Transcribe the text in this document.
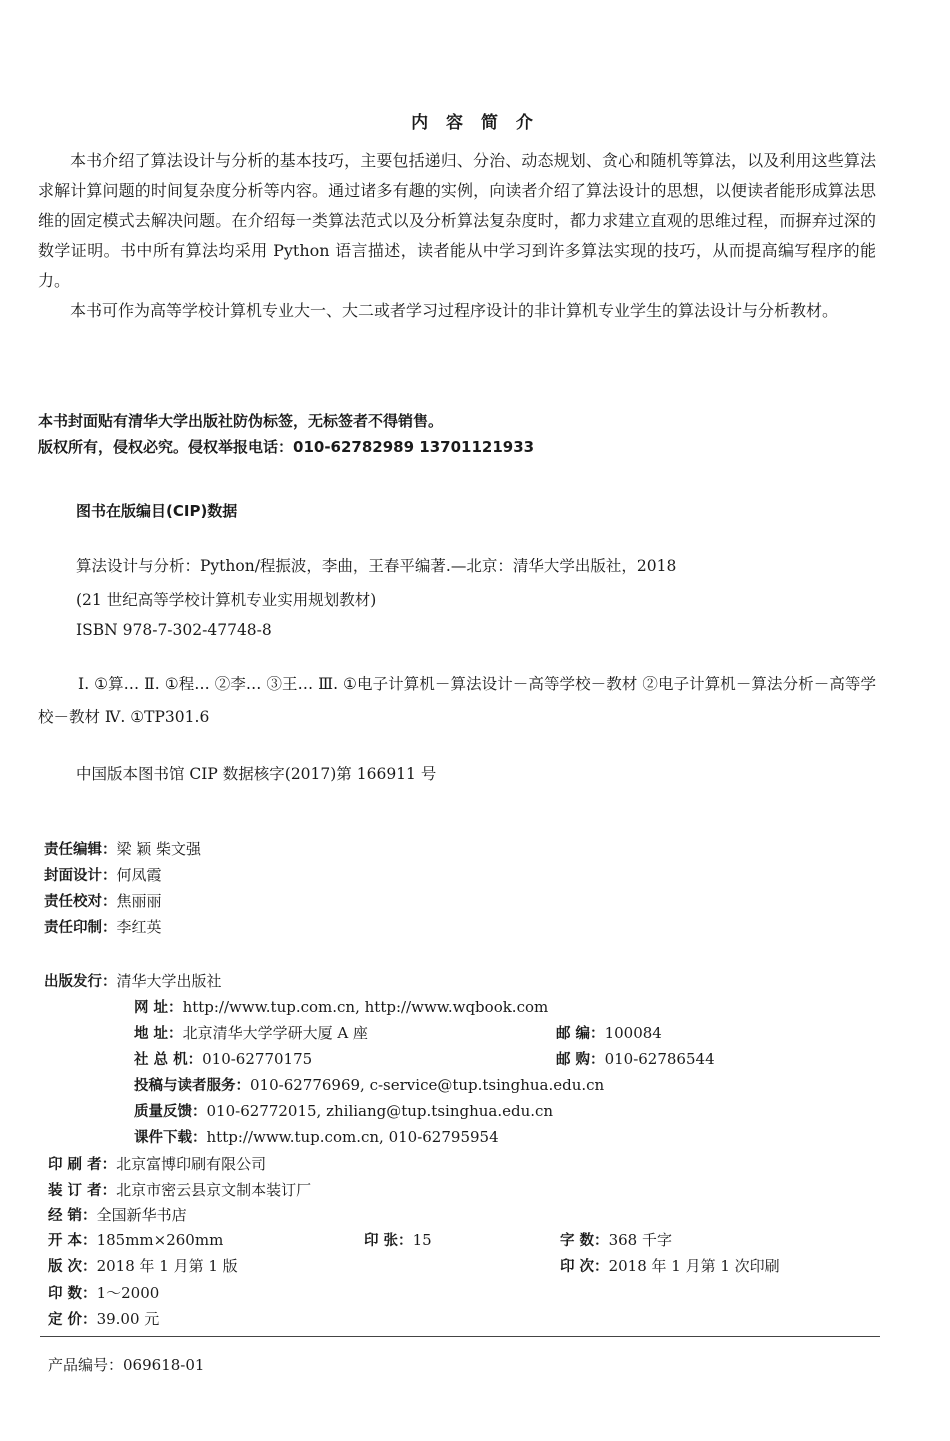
内 容 简 介

本书介绍了算法设计与分析的基本技巧，主要包括递归、分治、动态规划、贪心和随机等算法，以及利用这些算法求解计算问题的时间复杂度分析等内容。通过诸多有趣的实例，向读者介绍了算法设计的思想，以便读者能形成算法思维的固定模式去解决问题。在介绍每一类算法范式以及分析算法复杂度时，都力求建立直观的思维过程，而摒弃过深的数学证明。书中所有算法均采用 Python 语言描述，读者能从中学习到许多算法实现的技巧，从而提高编写程序的能力。

本书可作为高等学校计算机专业大一、大二或者学习过程序设计的非计算机专业学生的算法设计与分析教材。

本书封面贴有清华大学出版社防伪标签，无标签者不得销售。
版权所有，侵权必究。侵权举报电话：010-62782989 13701121933
图书在版编目(CIP)数据
算法设计与分析：Python/程振波，李曲，王春平编著.—北京：清华大学出版社，2018
(21 世纪高等学校计算机专业实用规划教材)
ISBN 978-7-302-47748-8
Ⅰ. ①算… Ⅱ. ①程… ②李… ③王… Ⅲ. ①电子计算机－算法设计－高等学校－教材 ②电子计算机－算法分析－高等学校－教材 Ⅳ. ①TP301.6
中国版本图书馆 CIP 数据核字(2017)第 166911 号
责任编辑：梁 颖 柴文强
封面设计：何凤霞
责任校对：焦丽丽
责任印制：李红英
出版发行：清华大学出版社
网 址：http://www.tup.com.cn, http://www.wqbook.com
地 址：北京清华大学学研大厦 A 座	邮 编：100084
社 总 机：010-62770175	邮 购：010-62786544
投稿与读者服务：010-62776969, c-service@tup.tsinghua.edu.cn
质量反馈：010-62772015, zhiliang@tup.tsinghua.edu.cn
课件下载：http://www.tup.com.cn, 010-62795954
印 刷 者：北京富博印刷有限公司
装 订 者：北京市密云县京文制本装订厂
经 销：全国新华书店
开 本：185mm×260mm	印 张：15	字 数：368 千字
版 次：2018 年 1 月第 1 版	印 次：2018 年 1 月第 1 次印刷
印 数：1～2000
定 价：39.00 元
产品编号：069618-01
